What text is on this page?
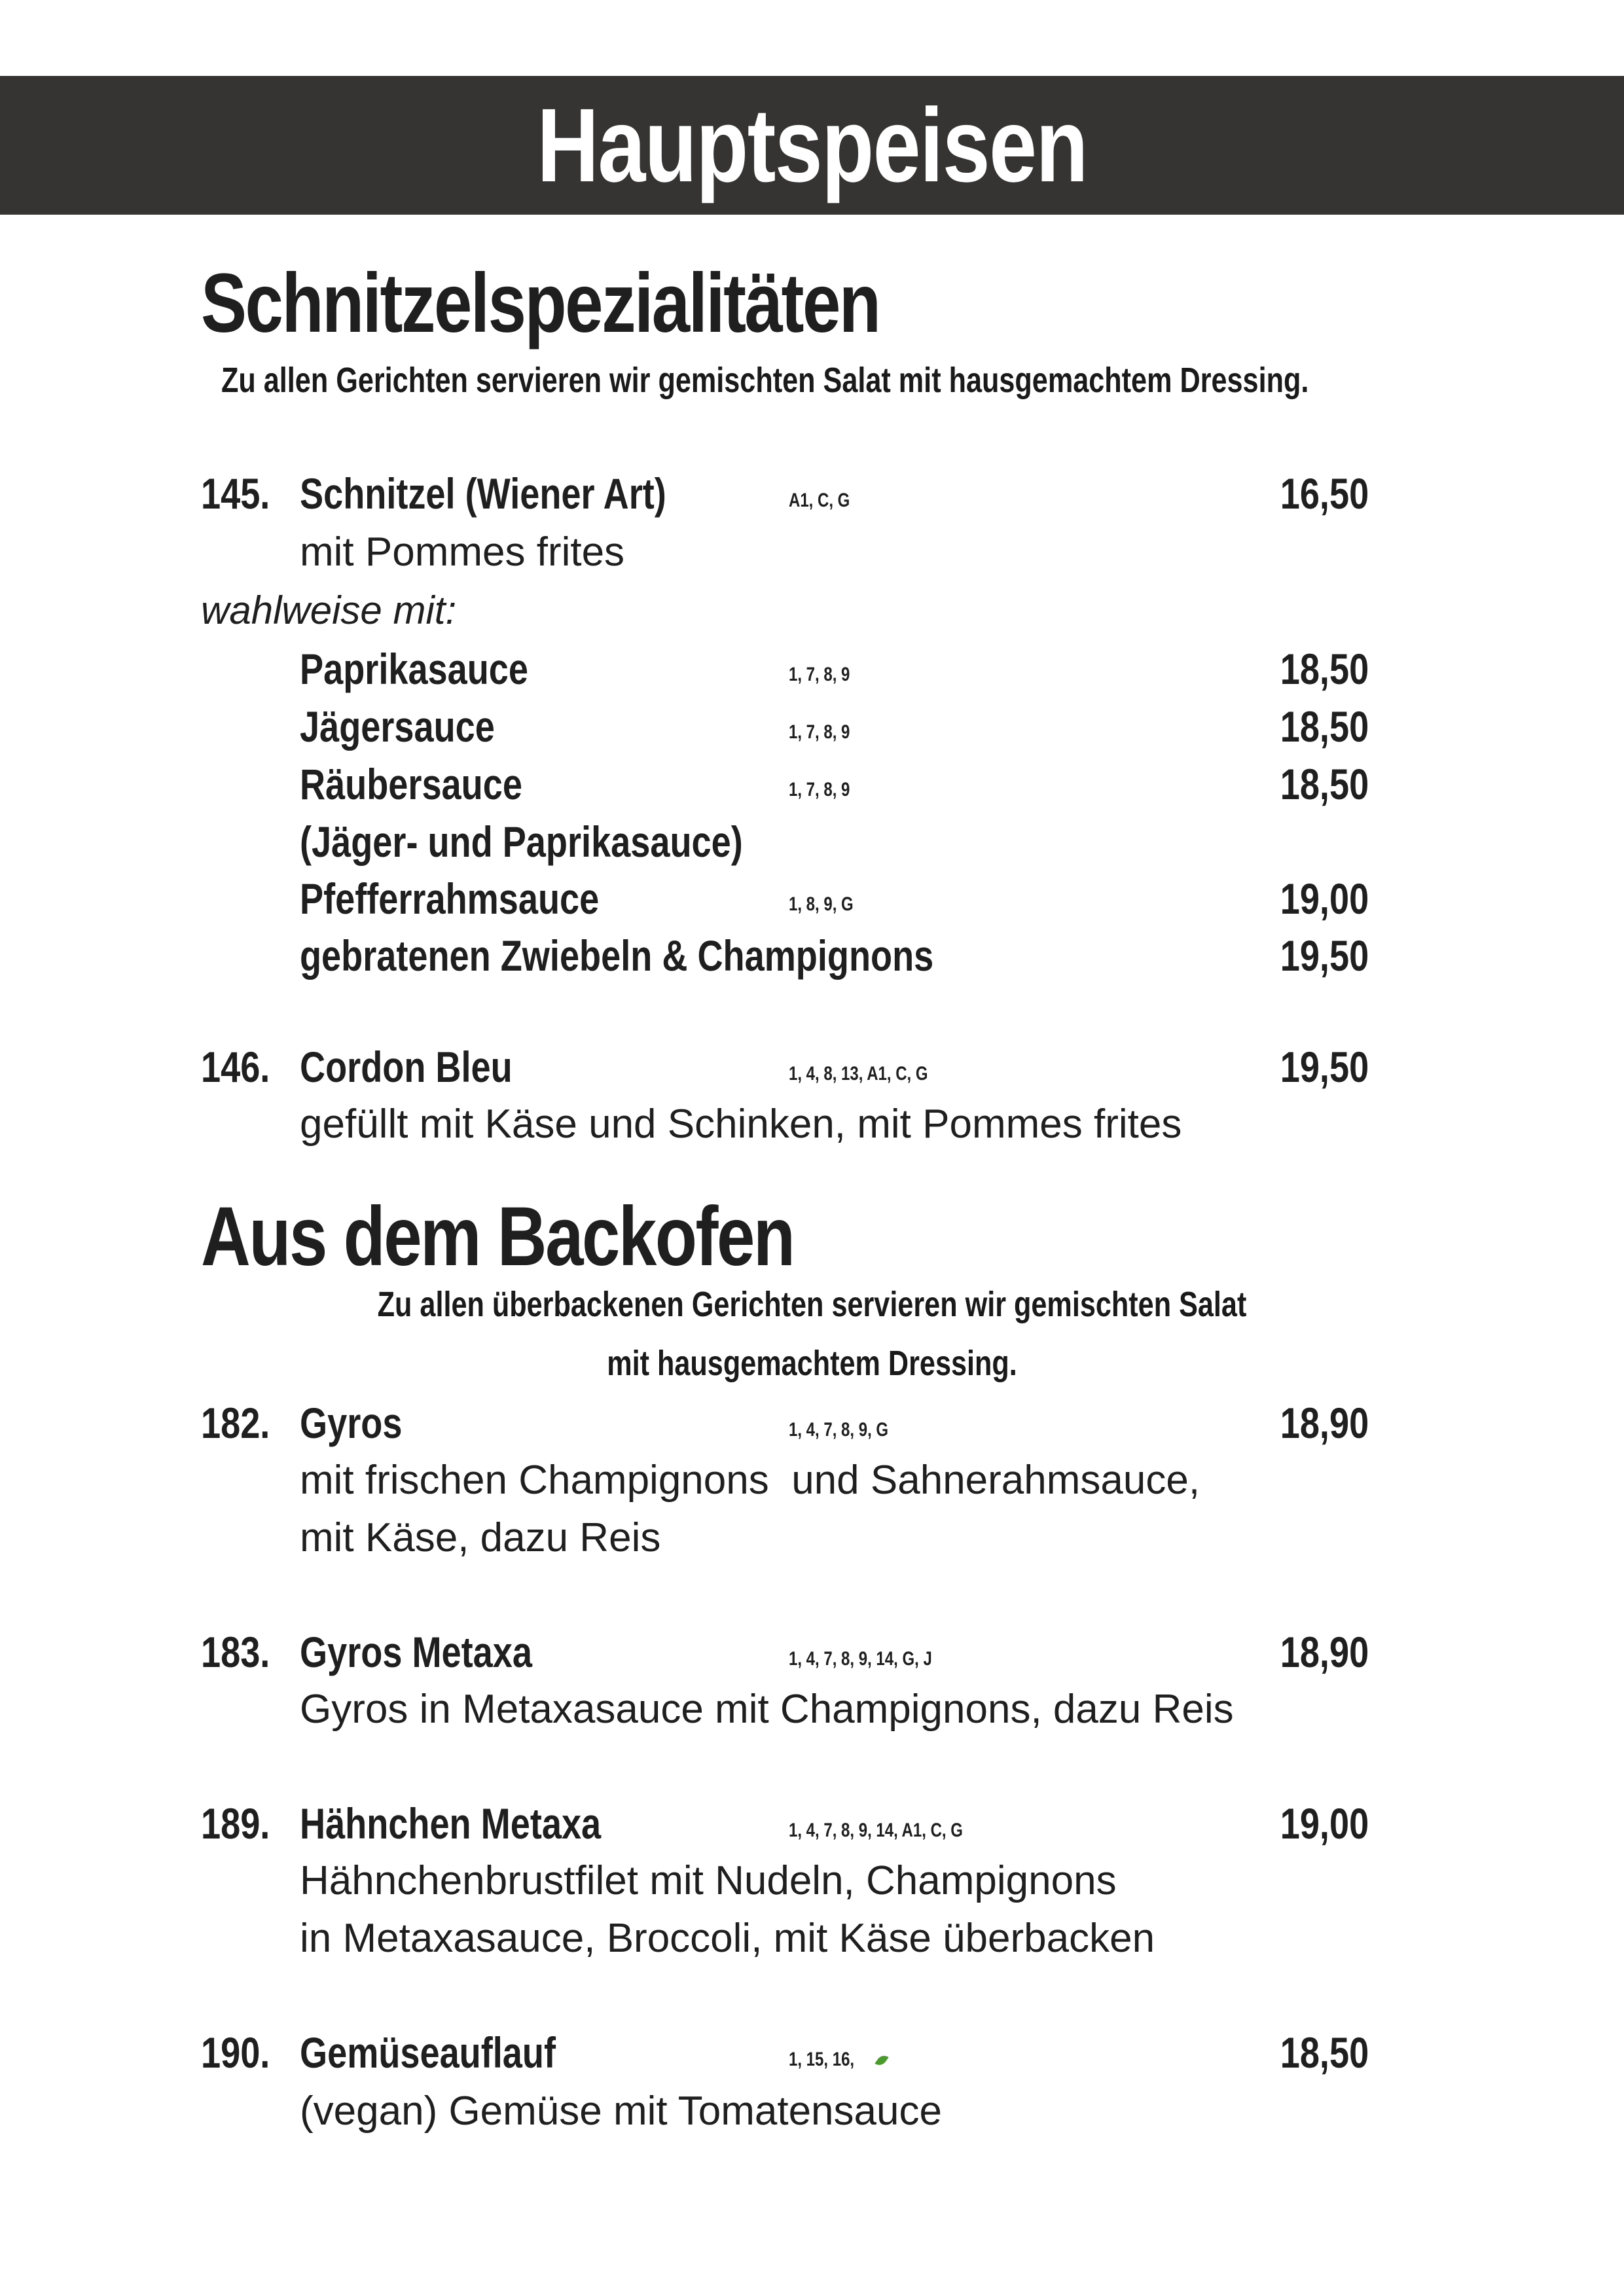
Hauptspeisen
Schnitzelspezialitäten
Zu allen Gerichten servieren wir gemischten Salat mit hausgemachtem Dressing.
145. Schnitzel (Wiener Art)	A1, C, G	16,50
mit Pommes frites
wahlweise mit:
Paprikasauce	1, 7, 8, 9	18,50
Jägersauce	1, 7, 8, 9	18,50
Räubersauce	1, 7, 8, 9	18,50
(Jäger- und Paprikasauce)
Pfefferrahmsauce	1, 8, 9, G	19,00
gebratenen Zwiebeln & Champignons	19,50
146. Cordon Bleu	1, 4, 8, 13, A1, C, G	19,50
gefüllt mit Käse und Schinken, mit Pommes frites
Aus dem Backofen
Zu allen überbackenen Gerichten servieren wir gemischten Salat
mit hausgemachtem Dressing.
182. Gyros	1, 4, 7, 8, 9, G	18,90
mit frischen Champignons  und Sahnerahmsauce,
mit Käse, dazu Reis
183. Gyros Metaxa	1, 4, 7, 8, 9, 14, G, J	18,90
Gyros in Metaxasauce mit Champignons, dazu Reis
189. Hähnchen Metaxa	1, 4, 7, 8, 9, 14, A1, C, G	19,00
Hähnchenbrustfilet mit Nudeln, Champignons
in Metaxasauce, Broccoli, mit Käse überbacken
190. Gemüseauflauf	1, 15, 16,	18,50
(vegan) Gemüse mit Tomatensauce
